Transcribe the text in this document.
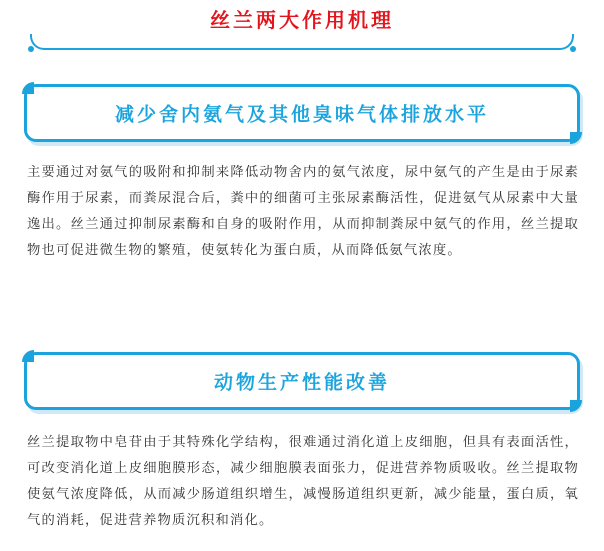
丝兰两大作用机理
减少舍内氨气及其他臭味气体排放水平

主要通过对氨气的吸附和抑制来降低动物舍内的氨气浓度，尿中氨气的产生是由于尿素酶作用于尿素，而粪尿混合后，粪中的细菌可主张尿素酶活性，促进氨气从尿素中大量逸出。丝兰通过抑制尿素酶和自身的吸附作用，从而抑制粪尿中氨气的作用，丝兰提取物也可促进微生物的繁殖，使氨转化为蛋白质，从而降低氨气浓度。

动物生产性能改善

丝兰提取物中皂苷由于其特殊化学结构，很难通过消化道上皮细胞，但具有表面活性，可改变消化道上皮细胞膜形态，减少细胞膜表面张力，促进营养物质吸收。丝兰提取物使氨气浓度降低，从而减少肠道组织增生，减慢肠道组织更新，减少能量，蛋白质，氧气的消耗，促进营养物质沉积和消化。
